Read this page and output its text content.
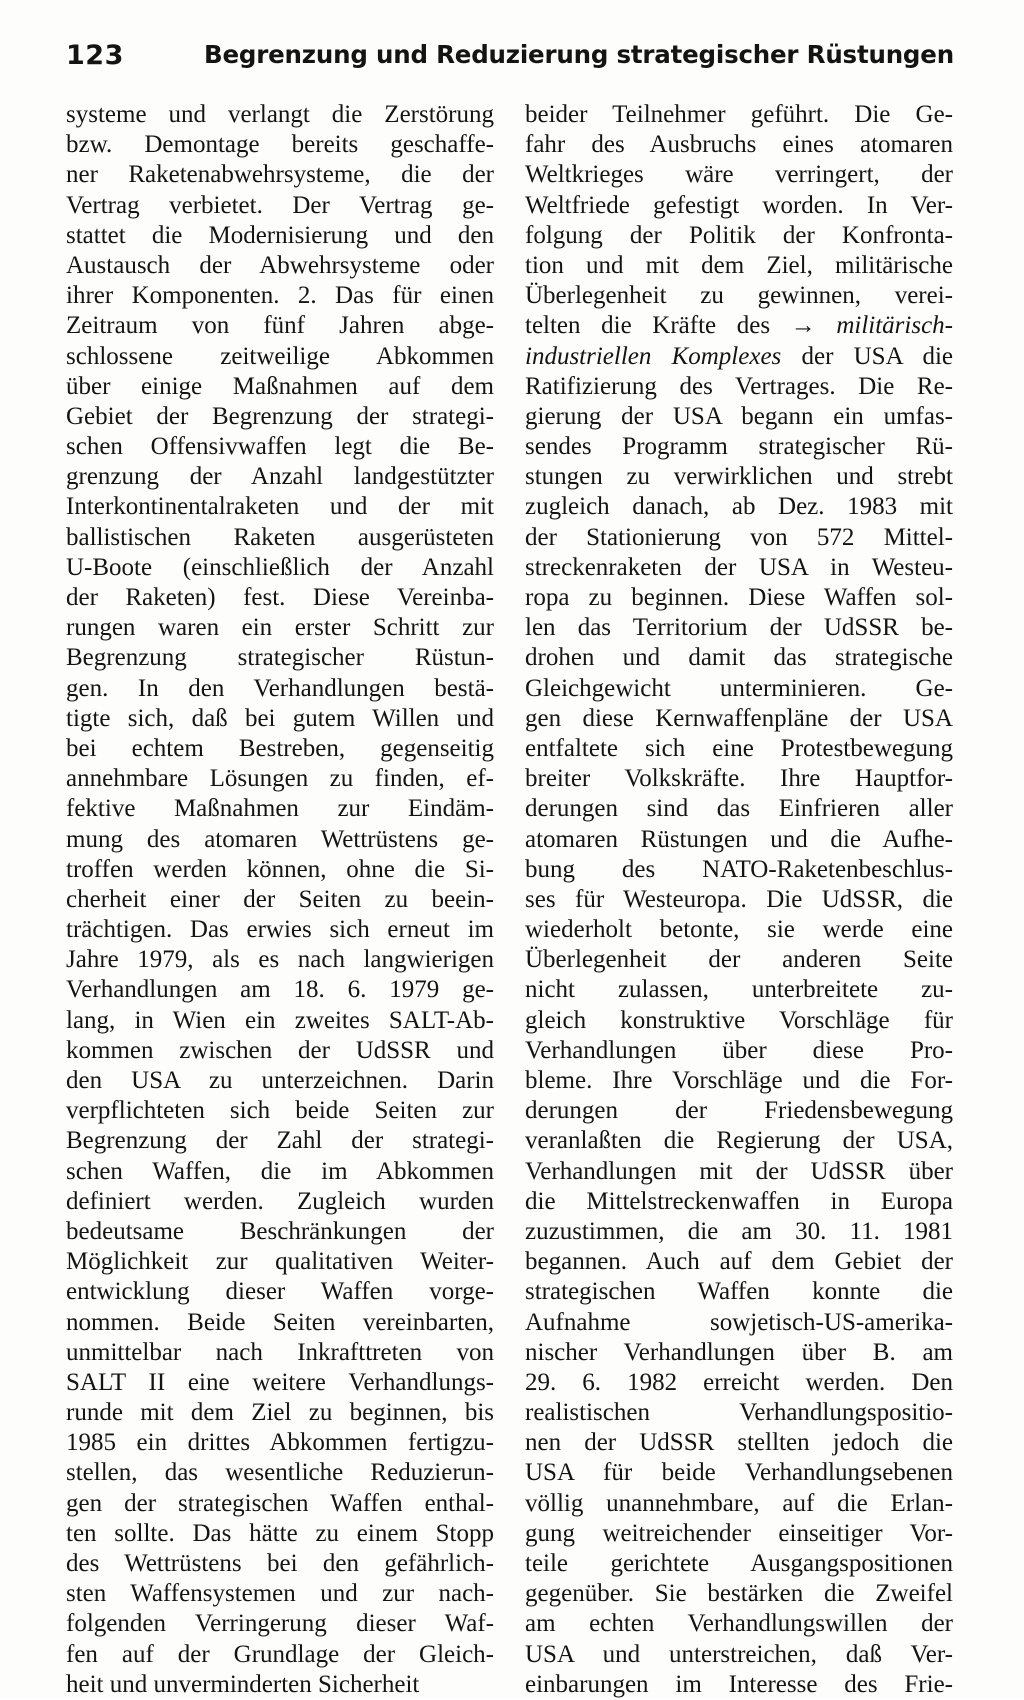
123	Begrenzung und Reduzierung strategischer Rüstungen
systeme und verlangt die Zerstörung
bzw. Demontage bereits geschaffe-
ner Raketenabwehrsysteme, die der
Vertrag verbietet. Der Vertrag ge-
stattet die Modernisierung und den
Austausch der Abwehrsysteme oder
ihrer Komponenten. 2. Das für einen
Zeitraum von fünf Jahren abge-
schlossene zeitweilige Abkommen
über einige Maßnahmen auf dem
Gebiet der Begrenzung der strategi-
schen Offensivwaffen legt die Be-
grenzung der Anzahl landgestützter
Interkontinentalraketen und der mit
ballistischen Raketen ausgerüsteten
U-Boote (einschließlich der Anzahl
der Raketen) fest. Diese Vereinba-
rungen waren ein erster Schritt zur
Begrenzung strategischer Rüstun-
gen. In den Verhandlungen bestä-
tigte sich, daß bei gutem Willen und
bei echtem Bestreben, gegenseitig
annehmbare Lösungen zu finden, ef-
fektive Maßnahmen zur Eindäm-
mung des atomaren Wettrüstens ge-
troffen werden können, ohne die Si-
cherheit einer der Seiten zu beein-
trächtigen. Das erwies sich erneut im
Jahre 1979, als es nach langwierigen
Verhandlungen am 18. 6. 1979 ge-
lang, in Wien ein zweites SALT-Ab-
kommen zwischen der UdSSR und
den USA zu unterzeichnen. Darin
verpflichteten sich beide Seiten zur
Begrenzung der Zahl der strategi-
schen Waffen, die im Abkommen
definiert werden. Zugleich wurden
bedeutsame Beschränkungen der
Möglichkeit zur qualitativen Weiter-
entwicklung dieser Waffen vorge-
nommen. Beide Seiten vereinbarten,
unmittelbar nach Inkrafttreten von
SALT II eine weitere Verhandlungs-
runde mit dem Ziel zu beginnen, bis
1985 ein drittes Abkommen fertigzu-
stellen, das wesentliche Reduzierun-
gen der strategischen Waffen enthal-
ten sollte. Das hätte zu einem Stopp
des Wettrüstens bei den gefährlich-
sten Waffensystemen und zur nach-
folgenden Verringerung dieser Waf-
fen auf der Grundlage der Gleich-
heit und unverminderten Sicherheit
beider Teilnehmer geführt. Die Ge-
fahr des Ausbruchs eines atomaren
Weltkrieges wäre verringert, der
Weltfriede gefestigt worden. In Ver-
folgung der Politik der Konfronta-
tion und mit dem Ziel, militärische
Überlegenheit zu gewinnen, verei-
telten die Kräfte des → militärisch-
industriellen Komplexes der USA die
Ratifizierung des Vertrages. Die Re-
gierung der USA begann ein umfas-
sendes Programm strategischer Rü-
stungen zu verwirklichen und strebt
zugleich danach, ab Dez. 1983 mit
der Stationierung von 572 Mittel-
streckenraketen der USA in Westeu-
ropa zu beginnen. Diese Waffen sol-
len das Territorium der UdSSR be-
drohen und damit das strategische
Gleichgewicht unterminieren. Ge-
gen diese Kernwaffenpläne der USA
entfaltete sich eine Protestbewegung
breiter Volkskräfte. Ihre Hauptfor-
derungen sind das Einfrieren aller
atomaren Rüstungen und die Aufhe-
bung des NATO-Raketenbeschlus-
ses für Westeuropa. Die UdSSR, die
wiederholt betonte, sie werde eine
Überlegenheit der anderen Seite
nicht zulassen, unterbreitete zu-
gleich konstruktive Vorschläge für
Verhandlungen über diese Pro-
bleme. Ihre Vorschläge und die For-
derungen der Friedensbewegung
veranlaßten die Regierung der USA,
Verhandlungen mit der UdSSR über
die Mittelstreckenwaffen in Europa
zuzustimmen, die am 30. 11. 1981
begannen. Auch auf dem Gebiet der
strategischen Waffen konnte die
Aufnahme sowjetisch-US-amerika-
nischer Verhandlungen über B. am
29. 6. 1982 erreicht werden. Den
realistischen Verhandlungspositio-
nen der UdSSR stellten jedoch die
USA für beide Verhandlungsebenen
völlig unannehmbare, auf die Erlan-
gung weitreichender einseitiger Vor-
teile gerichtete Ausgangspositionen
gegenüber. Sie bestärken die Zweifel
am echten Verhandlungswillen der
USA und unterstreichen, daß Ver-
einbarungen im Interesse des Frie-
